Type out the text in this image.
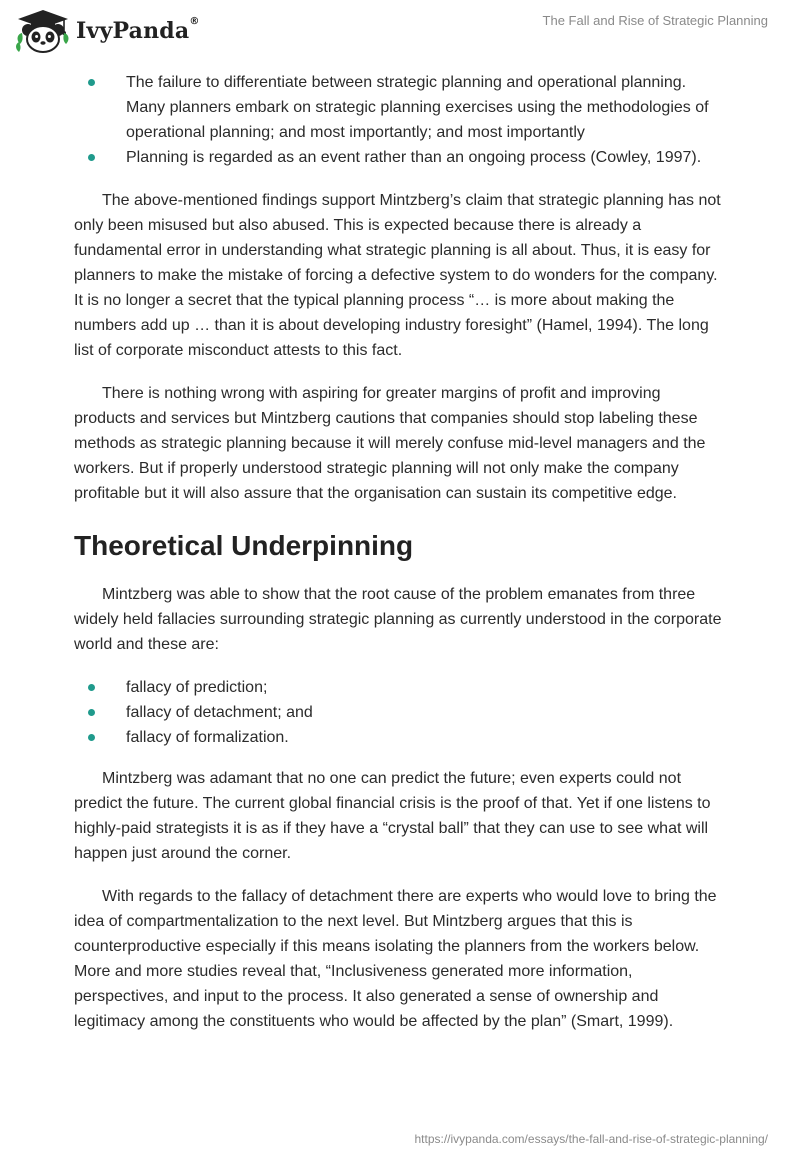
IvyPanda®	The Fall and Rise of Strategic Planning
The failure to differentiate between strategic planning and operational planning. Many planners embark on strategic planning exercises using the methodologies of operational planning; and most importantly; and most importantly
Planning is regarded as an event rather than an ongoing process (Cowley, 1997).

The above-mentioned findings support Mintzberg’s claim that strategic planning has not only been misused but also abused. This is expected because there is already a fundamental error in understanding what strategic planning is all about. Thus, it is easy for planners to make the mistake of forcing a defective system to do wonders for the company. It is no longer a secret that the typical planning process “… is more about making the numbers add up … than it is about developing industry foresight” (Hamel, 1994). The long list of corporate misconduct attests to this fact.

There is nothing wrong with aspiring for greater margins of profit and improving products and services but Mintzberg cautions that companies should stop labeling these methods as strategic planning because it will merely confuse mid-level managers and the workers. But if properly understood strategic planning will not only make the company profitable but it will also assure that the organisation can sustain its competitive edge.

Theoretical Underpinning

Mintzberg was able to show that the root cause of the problem emanates from three widely held fallacies surrounding strategic planning as currently understood in the corporate world and these are:

fallacy of prediction;
fallacy of detachment; and
fallacy of formalization.

Mintzberg was adamant that no one can predict the future; even experts could not predict the future. The current global financial crisis is the proof of that. Yet if one listens to highly-paid strategists it is as if they have a “crystal ball” that they can use to see what will happen just around the corner.

With regards to the fallacy of detachment there are experts who would love to bring the idea of compartmentalization to the next level. But Mintzberg argues that this is counterproductive especially if this means isolating the planners from the workers below. More and more studies reveal that, “Inclusiveness generated more information, perspectives, and input to the process. It also generated a sense of ownership and legitimacy among the constituents who would be affected by the plan” (Smart, 1999).

https://ivypanda.com/essays/the-fall-and-rise-of-strategic-planning/
